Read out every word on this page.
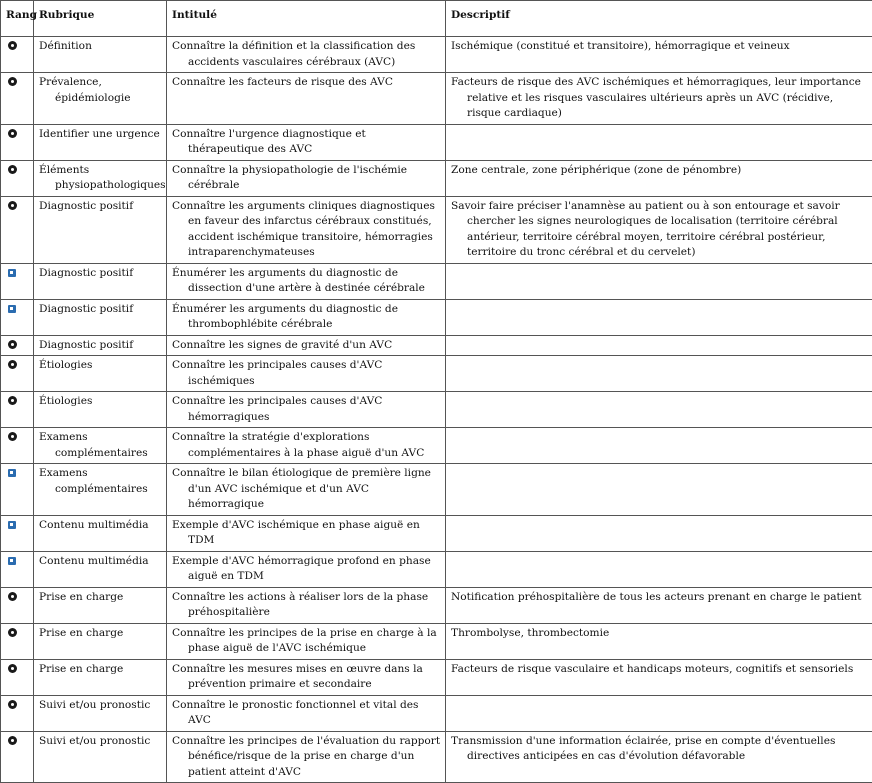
Rang	Rubrique	Intitulé	Descriptif

	Définition	Connaître la définition et la classification des accidents vasculaires cérébraux (AVC)	Ischémique (constitué et transitoire), hémorragique et veineux

	Prévalence, épidémiologie	Connaître les facteurs de risque des AVC	Facteurs de risque des AVC ischémiques et hémorragiques, leur importance relative et les risques vasculaires ultérieurs après un AVC (récidive, risque cardiaque)

	Identifier une urgence	Connaître l'urgence diagnostique et thérapeutique des AVC	

	Éléments physiopathologiques	Connaître la physiopathologie de l'ischémie cérébrale	Zone centrale, zone périphérique (zone de pénombre)

	Diagnostic positif	Connaître les arguments cliniques diagnostiques en faveur des infarctus cérébraux constitués, accident ischémique transitoire, hémorragies intraparenchymateuses	Savoir faire préciser l'anamnèse au patient ou à son entourage et savoir chercher les signes neurologiques de localisation (territoire cérébral antérieur, territoire cérébral moyen, territoire cérébral postérieur, territoire du tronc cérébral et du cervelet)

	Diagnostic positif	Énumérer les arguments du diagnostic de dissection d'une artère à destinée cérébrale	

	Diagnostic positif	Énumérer les arguments du diagnostic de thrombophlébite cérébrale	

	Diagnostic positif	Connaître les signes de gravité d'un AVC	

	Étiologies	Connaître les principales causes d'AVC ischémiques	

	Étiologies	Connaître les principales causes d'AVC hémorragiques	

	Examens complémentaires	Connaître la stratégie d'explorations complémentaires à la phase aiguë d'un AVC	

	Examens complémentaires	Connaître le bilan étiologique de première ligne d'un AVC ischémique et d'un AVC hémorragique	

	Contenu multimédia	Exemple d'AVC ischémique en phase aiguë en TDM	

	Contenu multimédia	Exemple d'AVC hémorragique profond en phase aiguë en TDM	

	Prise en charge	Connaître les actions à réaliser lors de la phase préhospitalière	Notification préhospitalière de tous les acteurs prenant en charge le patient

	Prise en charge	Connaître les principes de la prise en charge à la phase aiguë de l'AVC ischémique	Thrombolyse, thrombectomie

	Prise en charge	Connaître les mesures mises en œuvre dans la prévention primaire et secondaire	Facteurs de risque vasculaire et handicaps moteurs, cognitifs et sensoriels

	Suivi et/ou pronostic	Connaître le pronostic fonctionnel et vital des AVC	

	Suivi et/ou pronostic	Connaître les principes de l'évaluation du rapport bénéfice/risque de la prise en charge d'un patient atteint d'AVC	Transmission d'une information éclairée, prise en compte d'éventuelles directives anticipées en cas d'évolution défavorable
